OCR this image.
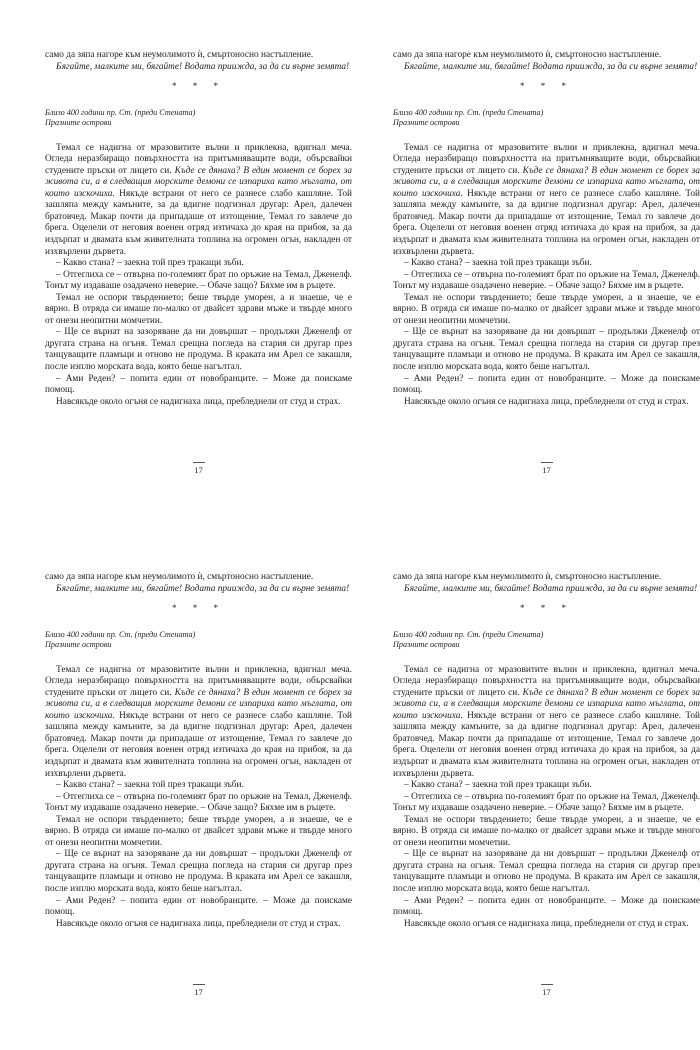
само да зяпа нагоре към неумолимото ѝ, смъртоносно настъпление.

Бягайте, малките ми, бягайте! Водата приижда, за да си върне земята!

* * *

Близо 400 години пр. Ст. (преди Стената)

Празните острови

Темал се надигна от мразовитите вълни и приклекна, вдигнал меча. Огледа неразбиращо повърхността на притъмняващите води, обърсвайки студените пръски от лицето си. Къде се дянаха? В един момент се борех за живота си, а в следващия морските демони се изпариха като мъглата, от които изскочиха. Някъде встрани от него се разнесе слабо кашляне. Той зашляпа между камъните, за да вдигне подгизнал другар: Арел, далечен братовчед. Макар почти да припадаше от изтощение, Темал го завлече до брега. Оцелели от неговия военен отряд изтичаха до края на прибоя, за да издърпат и двамата към живителната топлина на огромен огън, накладен от изхвърлени дървета.

– Какво стана? – заекна той през тракащи зъби.

– Отгеглиха се – отвърна по-големият брат по оръжие на Темал, Дженелф. Тонът му издаваше озадачено неверие. – Обаче защо? Бяхме им в ръцете.

Темал не оспори твърдението; беше твърде уморен, а и знаеше, че е вярно. В отряда си имаше по-малко от двайсет здрави мъже и твърде много от онези неопитни момчетии.

– Ще се върнат на зазоряване да ни довършат – продължи Дженелф от другата страна на огъня. Темал срещна погледа на стария си другар през танцуващите пламъци и отново не продума. В краката им Арел се закашля, после изплю морската вода, която беше нагълтал.

– Ами Реден? – попита един от новобранците. – Може да поискаме помощ.

Навсякъде около огъня се надигнаха лица, пребледнели от студ и страх.

17

само да зяпа нагоре към неумолимото ѝ, смъртоносно настъпление.

Бягайте, малките ми, бягайте! Водата приижда, за да си върне земята!

* * *

Близо 400 години пр. Ст. (преди Стената)

Празните острови

Темал се надигна от мразовитите вълни и приклекна, вдигнал меча. Огледа неразбиращо повърхността на притъмняващите води, обърсвайки студените пръски от лицето си. Къде се дянаха? В един момент се борех за живота си, а в следващия морските демони се изпариха като мъглата, от които изскочиха. Някъде встрани от него се разнесе слабо кашляне. Той зашляпа между камъните, за да вдигне подгизнал другар: Арел, далечен братовчед. Макар почти да припадаше от изтощение, Темал го завлече до брега. Оцелели от неговия военен отряд изтичаха до края на прибоя, за да издърпат и двамата към живителната топлина на огромен огън, накладен от изхвърлени дървета.

– Какво стана? – заекна той през тракащи зъби.

– Отгеглиха се – отвърна по-големият брат по оръжие на Темал, Дженелф. Тонът му издаваше озадачено неверие. – Обаче защо? Бяхме им в ръцете.

Темал не оспори твърдението; беше твърде уморен, а и знаеше, че е вярно. В отряда си имаше по-малко от двайсет здрави мъже и твърде много от онези неопитни момчетии.

– Ще се върнат на зазоряване да ни довършат – продължи Дженелф от другата страна на огъня. Темал срещна погледа на стария си другар през танцуващите пламъци и отново не продума. В краката им Арел се закашля, после изплю морската вода, която беше нагълтал.

– Ами Реден? – попита един от новобранците. – Може да поискаме помощ.

Навсякъде около огъня се надигнаха лица, пребледнели от студ и страх.

17

само да зяпа нагоре към неумолимото ѝ, смъртоносно настъпление.

Бягайте, малките ми, бягайте! Водата приижда, за да си върне земята!

* * *

Близо 400 години пр. Ст. (преди Стената)

Празните острови

Темал се надигна от мразовитите вълни и приклекна, вдигнал меча. Огледа неразбиращо повърхността на притъмняващите води, обърсвайки студените пръски от лицето си. Къде се дянаха? В един момент се борех за живота си, а в следващия морските демони се изпариха като мъглата, от които изскочиха. Някъде встрани от него се разнесе слабо кашляне. Той зашляпа между камъните, за да вдигне подгизнал другар: Арел, далечен братовчед. Макар почти да припадаше от изтощение, Темал го завлече до брега. Оцелели от неговия военен отряд изтичаха до края на прибоя, за да издърпат и двамата към живителната топлина на огромен огън, накладен от изхвърлени дървета.

– Какво стана? – заекна той през тракащи зъби.

– Отгеглиха се – отвърна по-големият брат по оръжие на Темал, Дженелф. Тонът му издаваше озадачено неверие. – Обаче защо? Бяхме им в ръцете.

Темал не оспори твърдението; беше твърде уморен, а и знаеше, че е вярно. В отряда си имаше по-малко от двайсет здрави мъже и твърде много от онези неопитни момчетии.

– Ще се върнат на зазоряване да ни довършат – продължи Дженелф от другата страна на огъня. Темал срещна погледа на стария си другар през танцуващите пламъци и отново не продума. В краката им Арел се закашля, после изплю морската вода, която беше нагълтал.

– Ами Реден? – попита един от новобранците. – Може да поискаме помощ.

Навсякъде около огъня се надигнаха лица, пребледнели от студ и страх.

17

само да зяпа нагоре към неумолимото ѝ, смъртоносно настъпление.

Бягайте, малките ми, бягайте! Водата приижда, за да си върне земята!

* * *

Близо 400 години пр. Ст. (преди Стената)

Празните острови

Темал се надигна от мразовитите вълни и приклекна, вдигнал меча. Огледа неразбиращо повърхността на притъмняващите води, обърсвайки студените пръски от лицето си. Къде се дянаха? В един момент се борех за живота си, а в следващия морските демони се изпариха като мъглата, от които изскочиха. Някъде встрани от него се разнесе слабо кашляне. Той зашляпа между камъните, за да вдигне подгизнал другар: Арел, далечен братовчед. Макар почти да припадаше от изтощение, Темал го завлече до брега. Оцелели от неговия военен отряд изтичаха до края на прибоя, за да издърпат и двамата към живителната топлина на огромен огън, накладен от изхвърлени дървета.

– Какво стана? – заекна той през тракащи зъби.

– Отгеглиха се – отвърна по-големият брат по оръжие на Темал, Дженелф. Тонът му издаваше озадачено неверие. – Обаче защо? Бяхме им в ръцете.

Темал не оспори твърдението; беше твърде уморен, а и знаеше, че е вярно. В отряда си имаше по-малко от двайсет здрави мъже и твърде много от онези неопитни момчетии.

– Ще се върнат на зазоряване да ни довършат – продължи Дженелф от другата страна на огъня. Темал срещна погледа на стария си другар през танцуващите пламъци и отново не продума. В краката им Арел се закашля, после изплю морската вода, която беше нагълтал.

– Ами Реден? – попита един от новобранците. – Може да поискаме помощ.

Навсякъде около огъня се надигнаха лица, пребледнели от студ и страх.

17
